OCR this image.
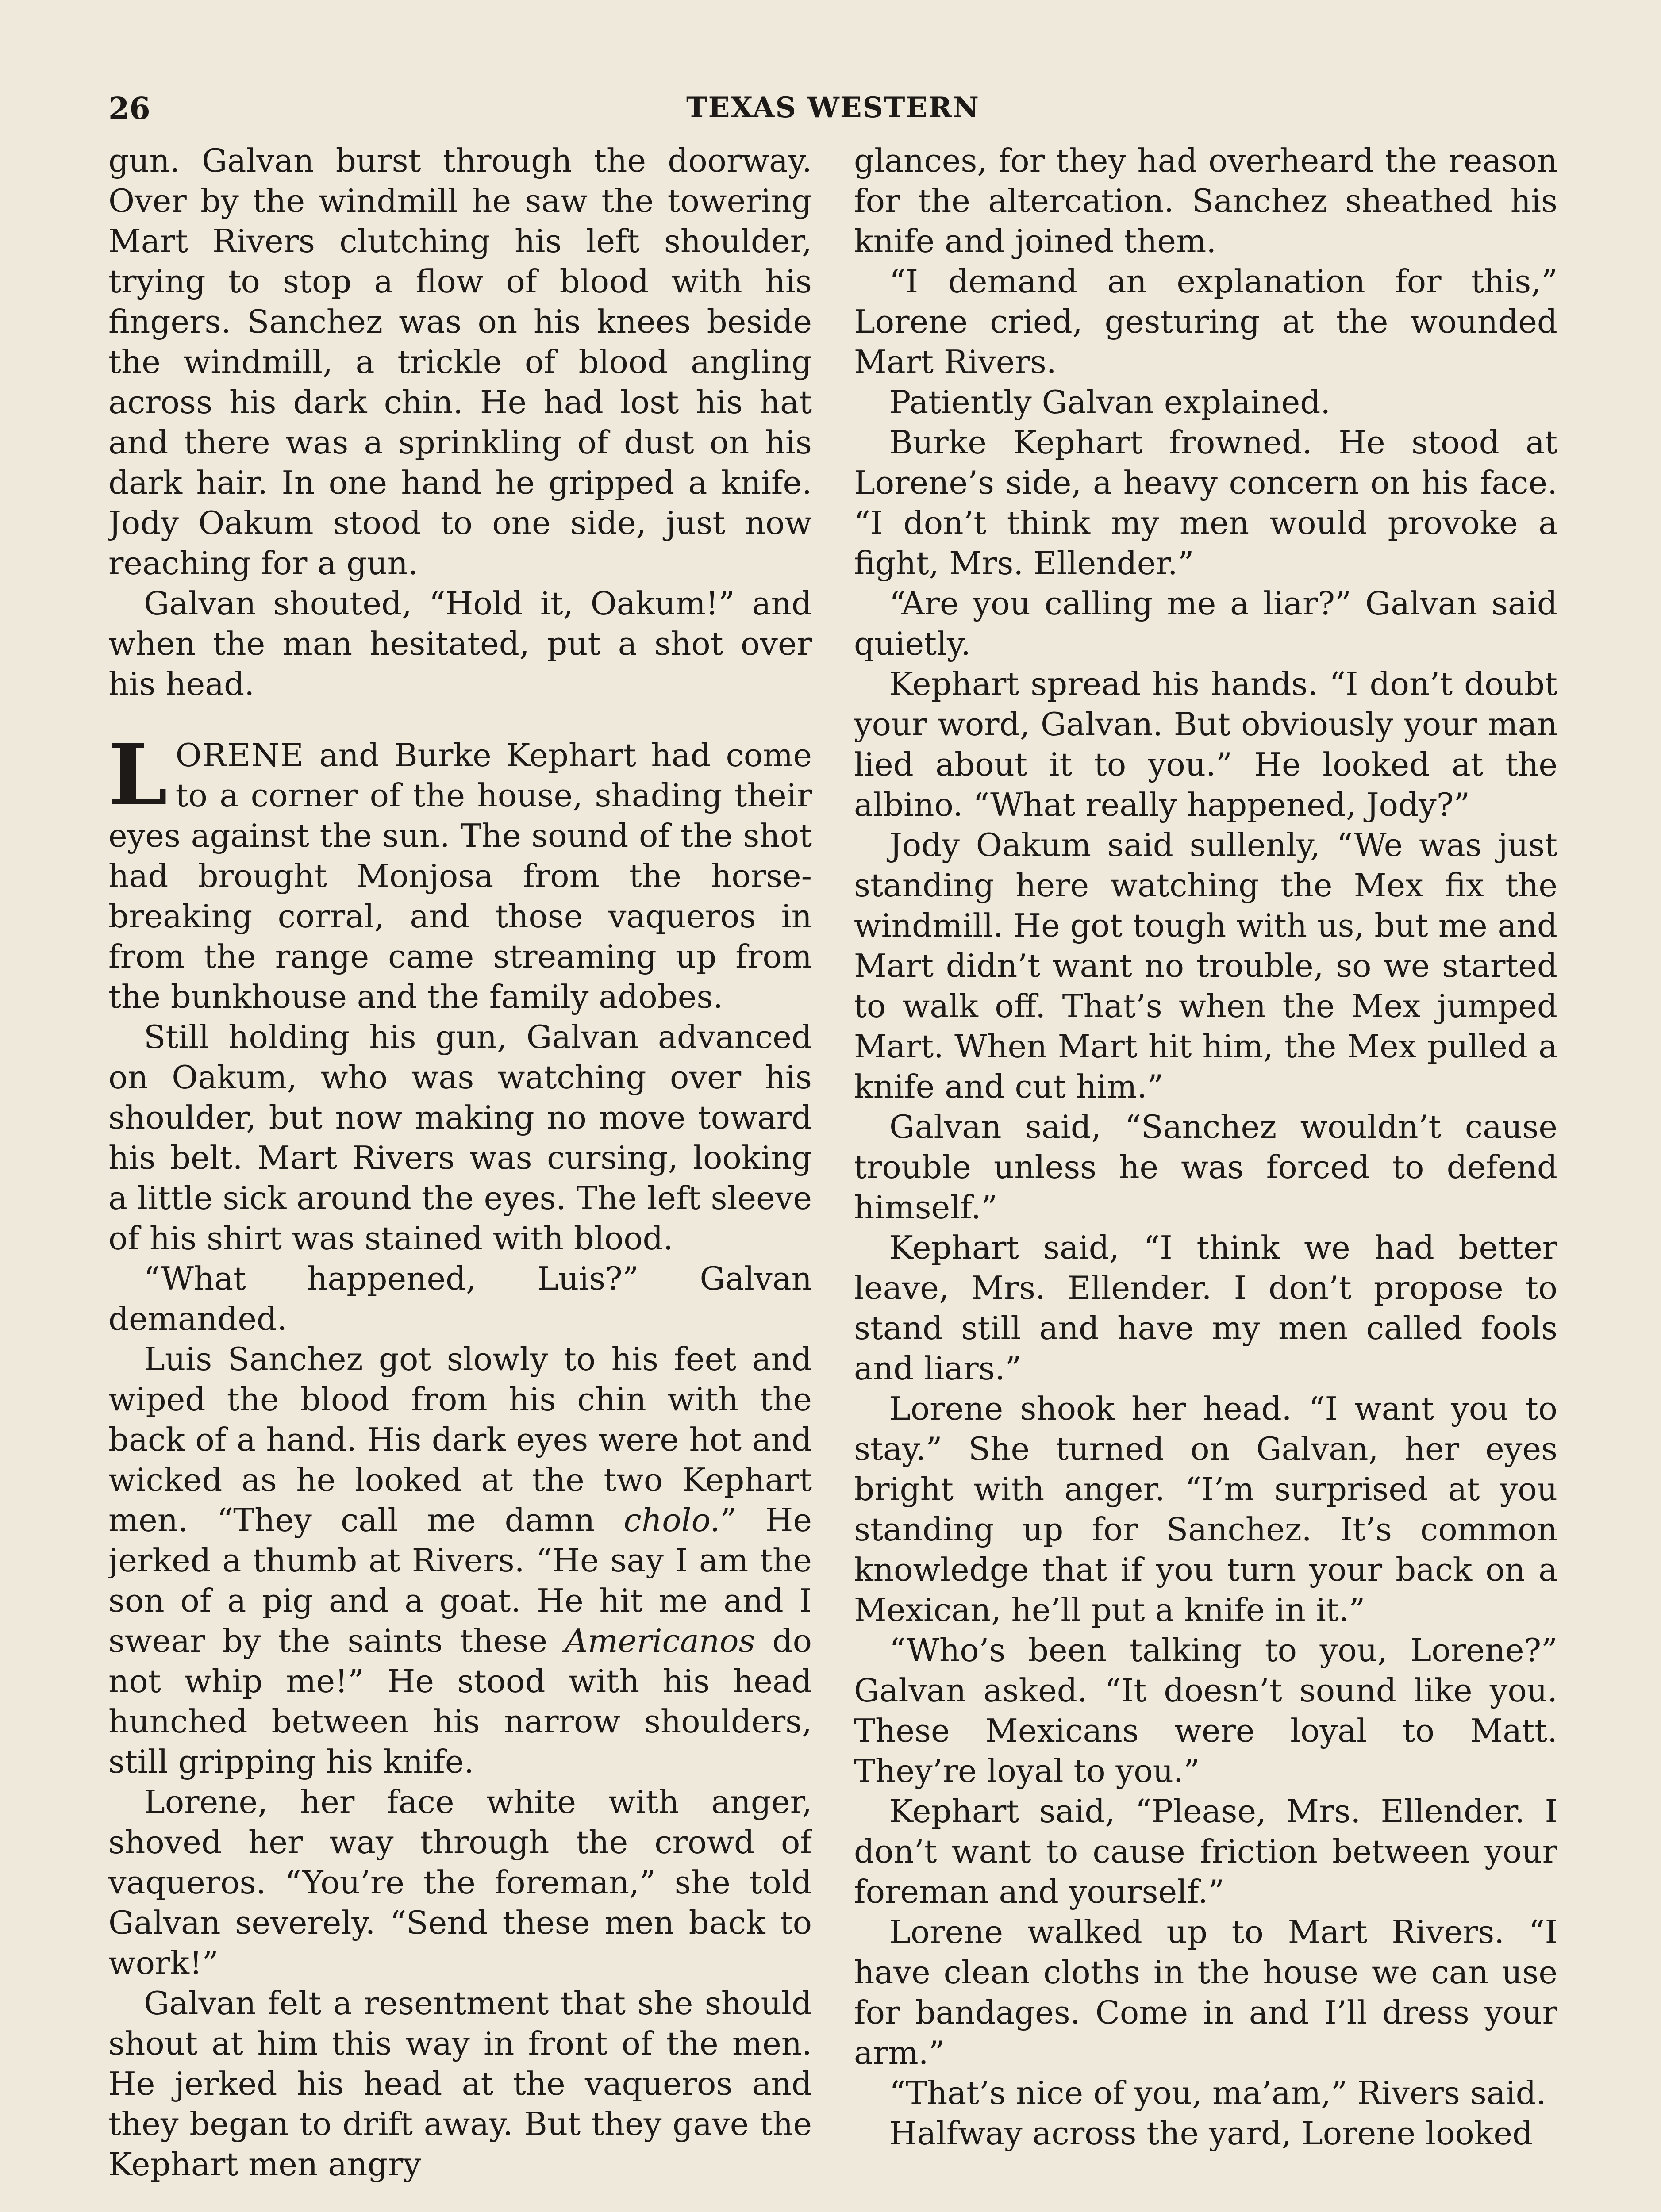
26	TEXAS WESTERN

gun. Galvan burst through the doorway. Over by the windmill he saw the towering Mart Rivers clutching his left shoulder, trying to stop a flow of blood with his fingers. Sanchez was on his knees beside the windmill, a trickle of blood angling across his dark chin. He had lost his hat and there was a sprinkling of dust on his dark hair. In one hand he gripped a knife. Jody Oakum stood to one side, just now reaching for a gun.

Galvan shouted, “Hold it, Oakum!” and when the man hesitated, put a shot over his head.

LORENE and Burke Kephart had come to a corner of the house, shading their eyes against the sun. The sound of the shot had brought Monjosa from the horse-breaking corral, and those vaqueros in from the range came streaming up from the bunkhouse and the family adobes.

Still holding his gun, Galvan advanced on Oakum, who was watching over his shoulder, but now making no move toward his belt. Mart Rivers was cursing, looking a little sick around the eyes. The left sleeve of his shirt was stained with blood.

“What happened, Luis?” Galvan demanded.

Luis Sanchez got slowly to his feet and wiped the blood from his chin with the back of a hand. His dark eyes were hot and wicked as he looked at the two Kephart men. “They call me damn cholo.” He jerked a thumb at Rivers. “He say I am the son of a pig and a goat. He hit me and I swear by the saints these Americanos do not whip me!” He stood with his head hunched between his narrow shoulders, still gripping his knife.

Lorene, her face white with anger, shoved her way through the crowd of vaqueros. “You’re the foreman,” she told Galvan severely. “Send these men back to work!”

Galvan felt a resentment that she should shout at him this way in front of the men. He jerked his head at the vaqueros and they began to drift away. But they gave the Kephart men angry

glances, for they had overheard the reason for the altercation. Sanchez sheathed his knife and joined them.

“I demand an explanation for this,” Lorene cried, gesturing at the wounded Mart Rivers.

Patiently Galvan explained.

Burke Kephart frowned. He stood at Lorene’s side, a heavy concern on his face. “I don’t think my men would provoke a fight, Mrs. Ellender.”

“Are you calling me a liar?” Galvan said quietly.

Kephart spread his hands. “I don’t doubt your word, Galvan. But obviously your man lied about it to you.” He looked at the albino. “What really happened, Jody?”

Jody Oakum said sullenly, “We was just standing here watching the Mex fix the windmill. He got tough with us, but me and Mart didn’t want no trouble, so we started to walk off. That’s when the Mex jumped Mart. When Mart hit him, the Mex pulled a knife and cut him.”

Galvan said, “Sanchez wouldn’t cause trouble unless he was forced to defend himself.”

Kephart said, “I think we had better leave, Mrs. Ellender. I don’t propose to stand still and have my men called fools and liars.”

Lorene shook her head. “I want you to stay.” She turned on Galvan, her eyes bright with anger. “I’m surprised at you standing up for Sanchez. It’s common knowledge that if you turn your back on a Mexican, he’ll put a knife in it.”

“Who’s been talking to you, Lorene?” Galvan asked. “It doesn’t sound like you. These Mexicans were loyal to Matt. They’re loyal to you.”

Kephart said, “Please, Mrs. Ellender. I don’t want to cause friction between your foreman and yourself.”

Lorene walked up to Mart Rivers. “I have clean cloths in the house we can use for bandages. Come in and I’ll dress your arm.”

“That’s nice of you, ma’am,” Rivers said.

Halfway across the yard, Lorene looked
